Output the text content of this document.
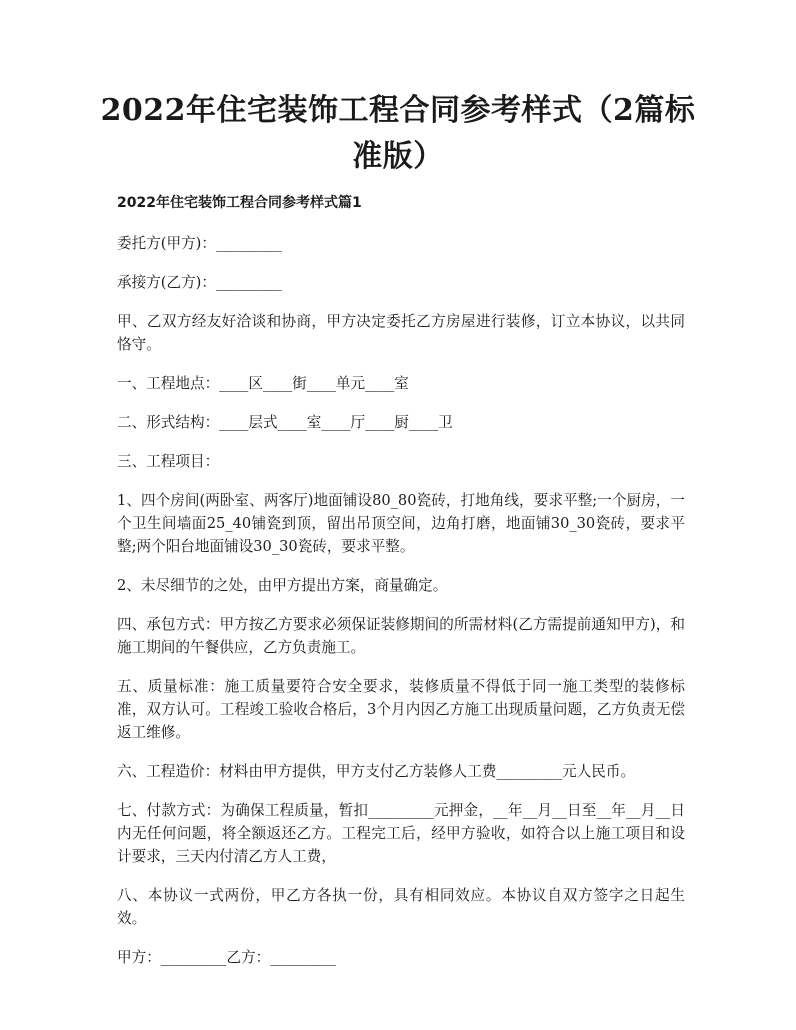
2022年住宅装饰工程合同参考样式（2篇标准版）
2022年住宅装饰工程合同参考样式篇1

委托方(甲方)：_________

承接方(乙方)：_________

甲、乙双方经友好洽谈和协商，甲方决定委托乙方房屋进行装修，订立本协议，以共同恪守。

一、工程地点：____区____街____单元____室

二、形式结构：____层式____室____厅____厨____卫

三、工程项目：

1、四个房间(两卧室、两客厅)地面铺设80_80瓷砖，打地角线，要求平整;一个厨房，一个卫生间墙面25_40铺瓷到顶，留出吊顶空间，边角打磨，地面铺30_30瓷砖，要求平整;两个阳台地面铺设30_30瓷砖，要求平整。

2、未尽细节的之处，由甲方提出方案，商量确定。

四、承包方式：甲方按乙方要求必须保证装修期间的所需材料(乙方需提前通知甲方)，和施工期间的午餐供应，乙方负责施工。

五、质量标准：施工质量要符合安全要求，装修质量不得低于同一施工类型的装修标准，双方认可。工程竣工验收合格后，3个月内因乙方施工出现质量问题，乙方负责无偿返工维修。

六、工程造价：材料由甲方提供，甲方支付乙方装修人工费_________元人民币。

七、付款方式：为确保工程质量，暂扣_________元押金，__年__月__日至__年__月__日内无任何问题，将全额返还乙方。工程完工后，经甲方验收，如符合以上施工项目和设计要求，三天内付清乙方人工费，

八、本协议一式两份，甲乙方各执一份，具有相同效应。本协议自双方签字之日起生效。

甲方：_________乙方：_________
